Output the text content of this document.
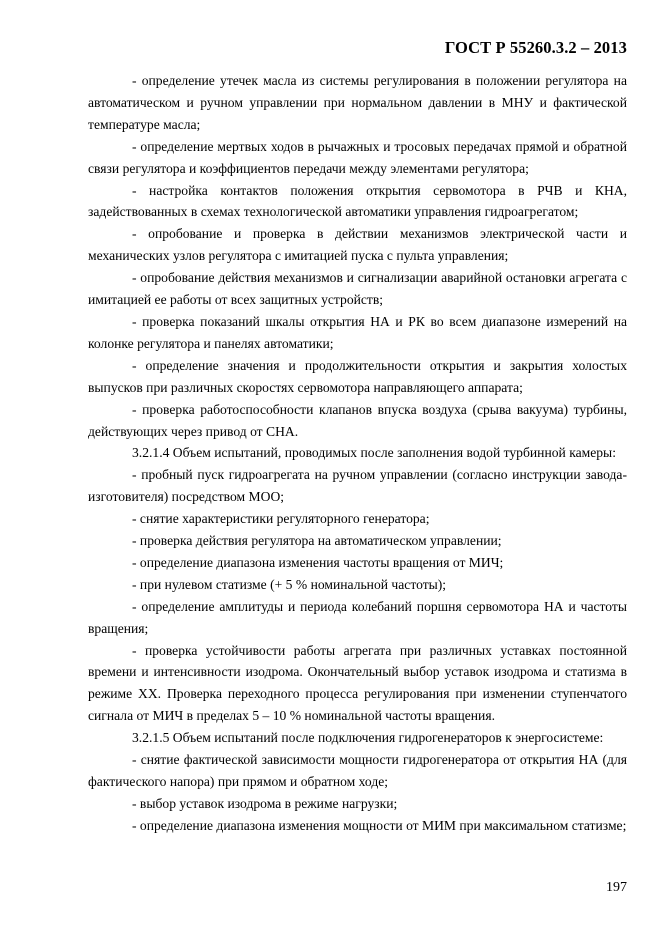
ГОСТ Р 55260.3.2 – 2013

- определение утечек масла из системы регулирования в положении регулятора на автоматическом и ручном управлении при нормальном давлении в МНУ и фактической температуре масла;

- определение мертвых ходов в рычажных и тросовых передачах прямой и обратной связи регулятора и коэффициентов передачи между элементами регулятора;

- настройка контактов положения открытия сервомотора в РЧВ и КНА, задействованных в схемах технологической автоматики управления гидроагрегатом;

- опробование и проверка в действии механизмов электрической части и механических узлов регулятора с имитацией пуска с пульта управления;

- опробование действия механизмов и сигнализации аварийной остановки агрегата с имитацией ее работы от всех защитных устройств;

- проверка показаний шкалы открытия НА и РК во всем диапазоне измерений на колонке регулятора и панелях автоматики;

- определение значения и продолжительности открытия и закрытия холостых выпусков при различных скоростях сервомотора направляющего аппарата;

- проверка работоспособности клапанов впуска воздуха (срыва вакуума) турбины, действующих через привод от СНА.

3.2.1.4 Объем испытаний, проводимых после заполнения водой турбинной камеры:

- пробный пуск гидроагрегата на ручном управлении (согласно инструкции завода-изготовителя) посредством МОО;

- снятие характеристики регуляторного генератора;

- проверка действия регулятора на автоматическом управлении;

- определение диапазона изменения частоты вращения от МИЧ;

- при нулевом статизме (+ 5 % номинальной частоты);

- определение амплитуды и периода колебаний поршня сервомотора НА и частоты вращения;

- проверка устойчивости работы агрегата при различных уставках постоянной времени и интенсивности изодрома. Окончательный выбор уставок изодрома и статизма в режиме ХХ. Проверка переходного процесса регулирования при изменении ступенчатого сигнала от МИЧ в пределах 5 – 10 % номинальной частоты вращения.

3.2.1.5 Объем испытаний после подключения гидрогенераторов к энергосистеме:

- снятие фактической зависимости мощности гидрогенератора от открытия НА (для фактического напора) при прямом и обратном ходе;

- выбор уставок изодрома в режиме нагрузки;

- определение диапазона изменения мощности от МИМ при максимальном статизме;

197
